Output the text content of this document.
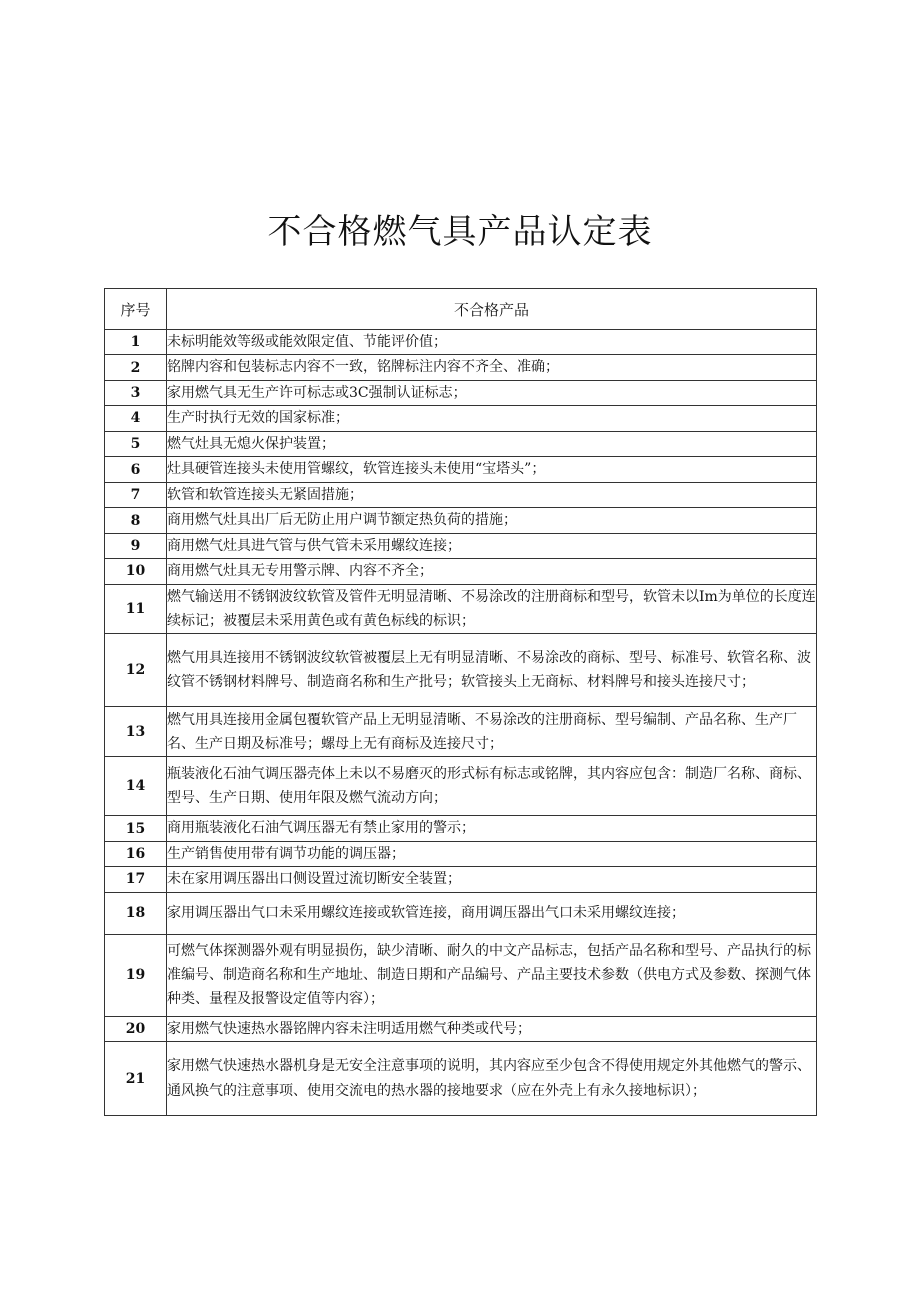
不合格燃气具产品认定表
序号	不合格产品
1	未标明能效等级或能效限定值、节能评价值；
2	铭牌内容和包装标志内容不一致，铭牌标注内容不齐全、准确；
3	家用燃气具无生产许可标志或3C强制认证标志；
4	生产时执行无效的国家标准；
5	燃气灶具无熄火保护装置；
6	灶具硬管连接头未使用管螺纹，软管连接头未使用“宝塔头”；
7	软管和软管连接头无紧固措施；
8	商用燃气灶具出厂后无防止用户调节额定热负荷的措施；
9	商用燃气灶具进气管与供气管未采用螺纹连接；
10	商用燃气灶具无专用警示牌、内容不齐全；
11	燃气输送用不锈钢波纹软管及管件无明显清晰、不易涂改的注册商标和型号，软管未以Im为单位的长度连续标记；被覆层未采用黄色或有黄色标线的标识；
12	燃气用具连接用不锈钢波纹软管被覆层上无有明显清晰、不易涂改的商标、型号、标准号、软管名称、波纹管不锈钢材料牌号、制造商名称和生产批号；软管接头上无商标、材料牌号和接头连接尺寸；
13	燃气用具连接用金属包覆软管产品上无明显清晰、不易涂改的注册商标、型号编制、产品名称、生产厂名、生产日期及标准号；螺母上无有商标及连接尺寸；
14	瓶装液化石油气调压器壳体上未以不易磨灭的形式标有标志或铭牌，其内容应包含：制造厂名称、商标、型号、生产日期、使用年限及燃气流动方向；
15	商用瓶装液化石油气调压器无有禁止家用的警示；
16	生产销售使用带有调节功能的调压器；
17	未在家用调压器出口侧设置过流切断安全装置；
18	家用调压器出气口未采用螺纹连接或软管连接，商用调压器出气口未采用螺纹连接；
19	可燃气体探测器外观有明显损伤，缺少清晰、耐久的中文产品标志，包括产品名称和型号、产品执行的标准编号、制造商名称和生产地址、制造日期和产品编号、产品主要技术参数（供电方式及参数、探测气体种类、量程及报警设定值等内容）；
20	家用燃气快速热水器铭牌内容未注明适用燃气种类或代号；
21	家用燃气快速热水器机身是无安全注意事项的说明，其内容应至少包含不得使用规定外其他燃气的警示、通风换气的注意事项、使用交流电的热水器的接地要求（应在外壳上有永久接地标识）；
